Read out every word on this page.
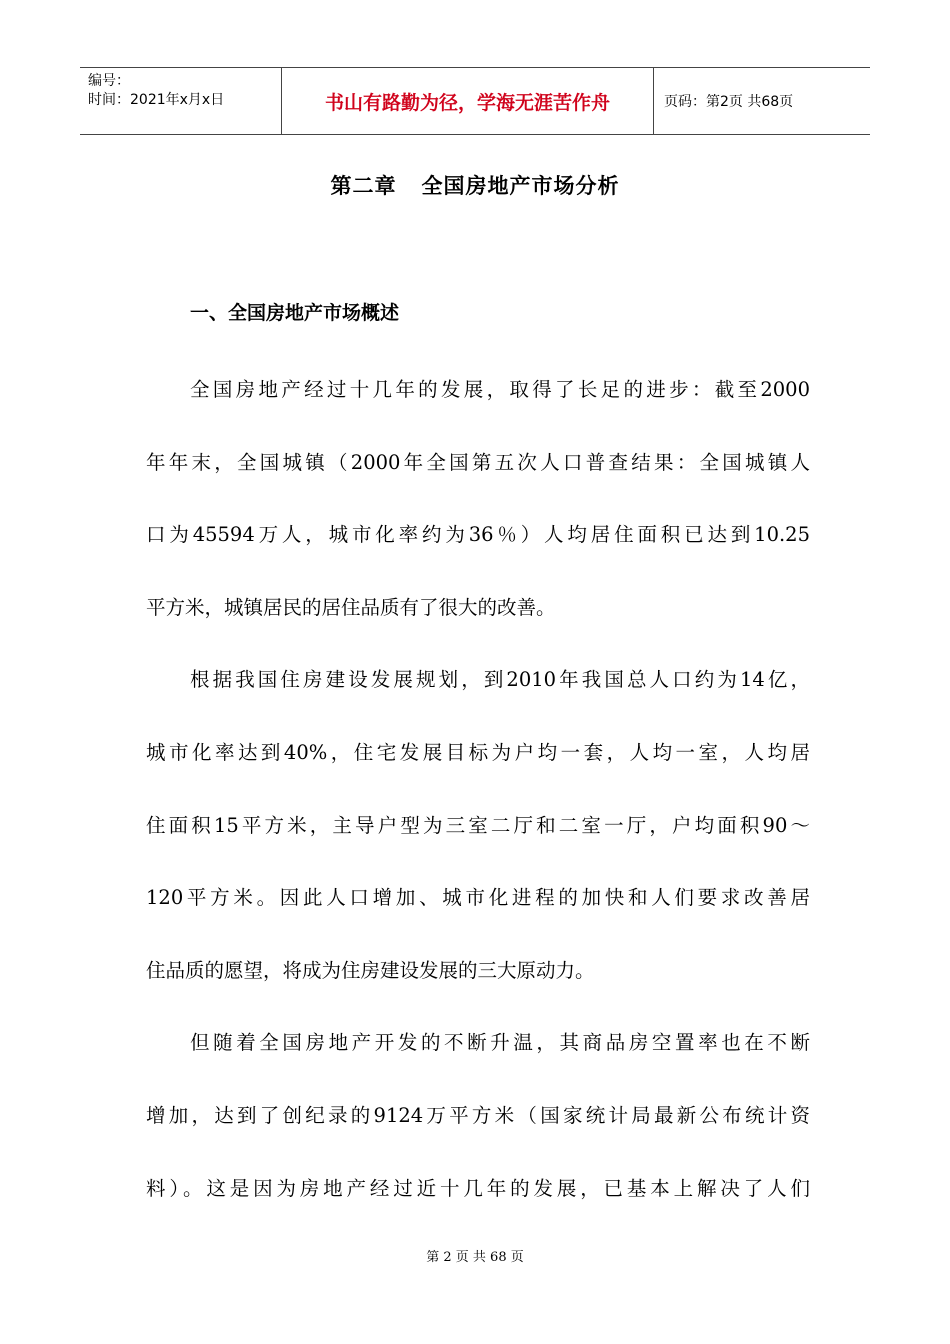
编号：
时间：2021年x月x日	书山有路勤为径，学海无涯苦作舟	页码：第2页 共68页
第二章   全国房地产市场分析
一、全国房地产市场概述
全国房地产经过十几年的发展，取得了长足的进步：截至2000
年年末，全国城镇（2000年全国第五次人口普查结果：全国城镇人
口为45594万人，城市化率约为36％）人均居住面积已达到10.25
平方米，城镇居民的居住品质有了很大的改善。
根据我国住房建设发展规划，到2010年我国总人口约为14亿，
城市化率达到40%，住宅发展目标为户均一套，人均一室，人均居
住面积15平方米，主导户型为三室二厅和二室一厅，户均面积90～
120平方米。因此人口增加、城市化进程的加快和人们要求改善居
住品质的愿望，将成为住房建设发展的三大原动力。
但随着全国房地产开发的不断升温，其商品房空置率也在不断
增加，达到了创纪录的9124万平方米（国家统计局最新公布统计资
料）。这是因为房地产经过近十几年的发展，已基本上解决了人们
第 2 页 共 68 页
